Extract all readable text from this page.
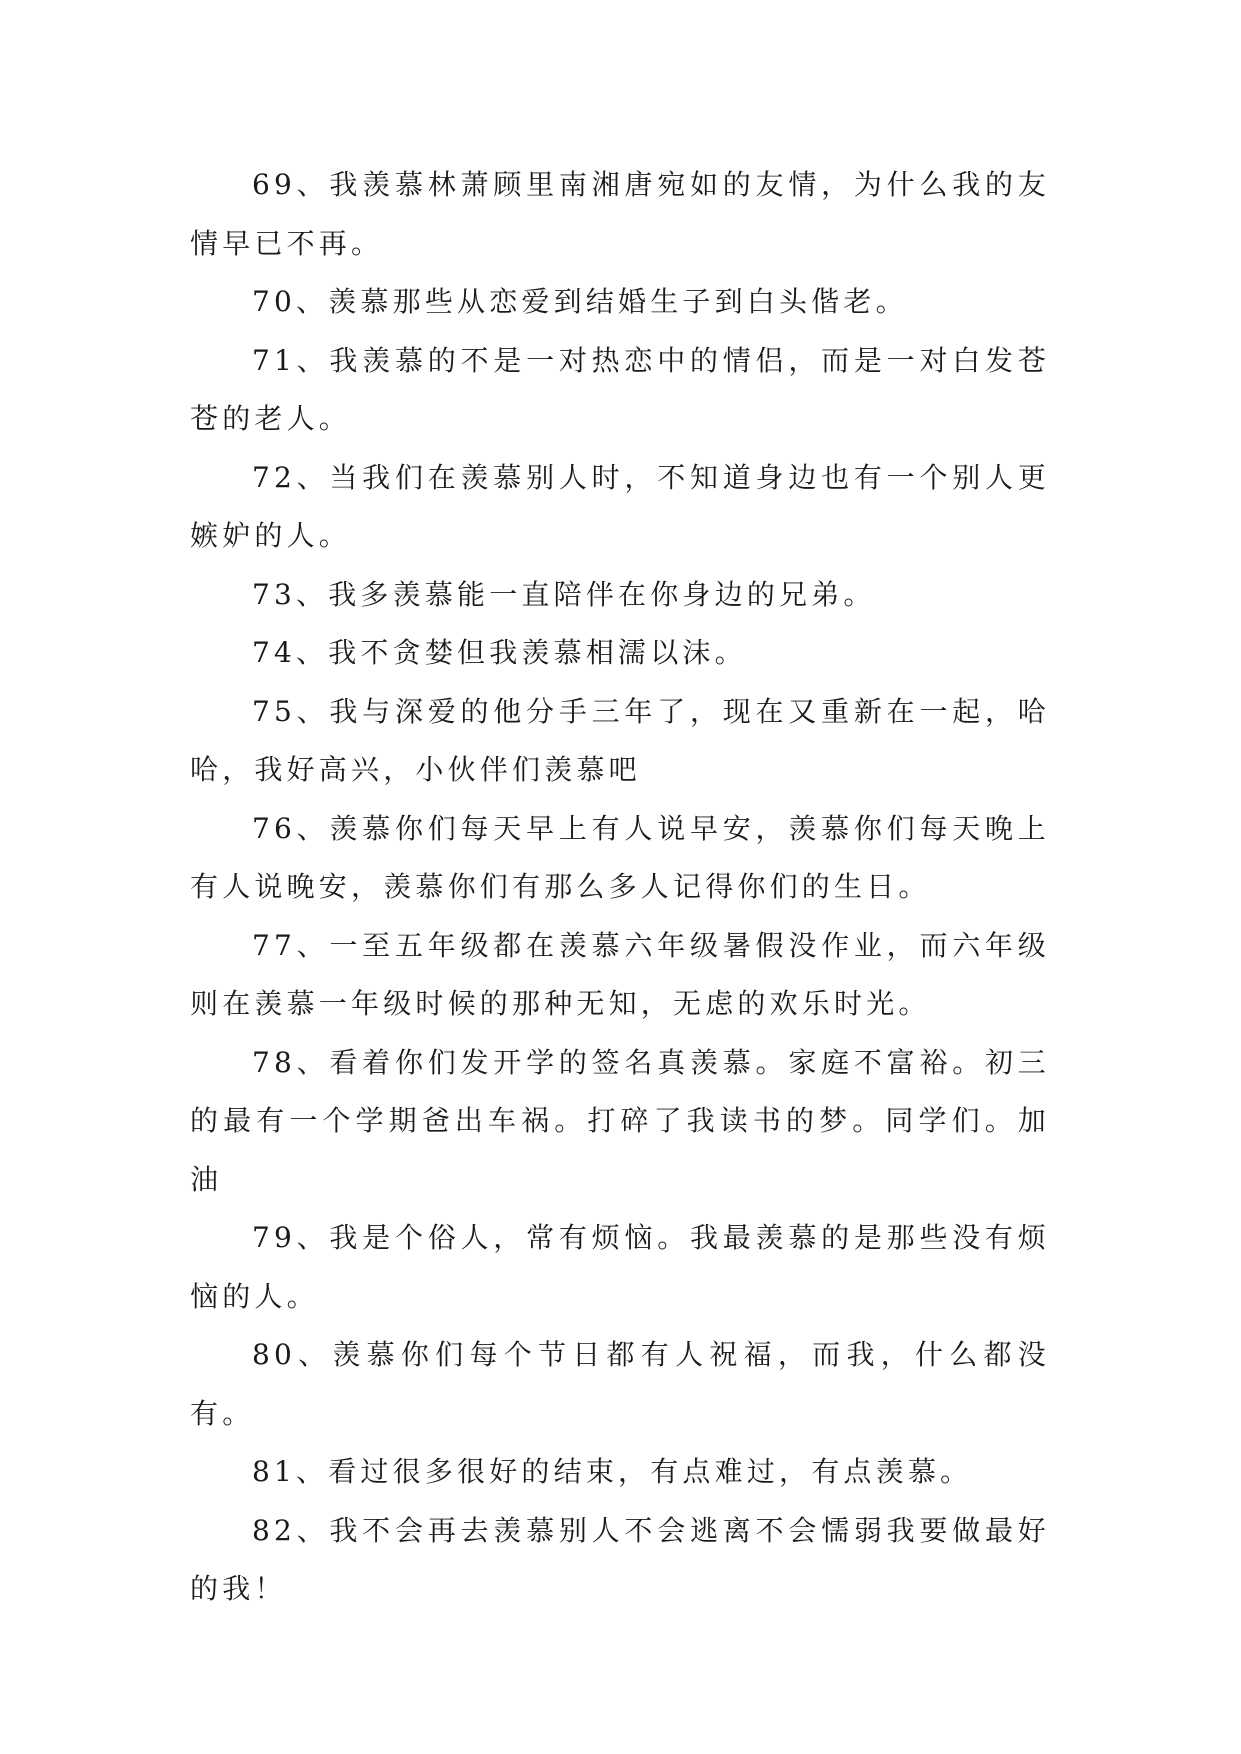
69、我羡慕林萧顾里南湘唐宛如的友情，为什么我的友情早已不再。

70、羡慕那些从恋爱到结婚生子到白头偕老。

71、我羡慕的不是一对热恋中的情侣，而是一对白发苍苍的老人。

72、当我们在羡慕别人时，不知道身边也有一个别人更嫉妒的人。

73、我多羡慕能一直陪伴在你身边的兄弟。

74、我不贪婪但我羡慕相濡以沫。

75、我与深爱的他分手三年了，现在又重新在一起，哈哈，我好高兴，小伙伴们羡慕吧

76、羡慕你们每天早上有人说早安，羡慕你们每天晚上有人说晚安，羡慕你们有那么多人记得你们的生日。

77、一至五年级都在羡慕六年级暑假没作业，而六年级则在羡慕一年级时候的那种无知，无虑的欢乐时光。

78、看着你们发开学的签名真羡慕。家庭不富裕。初三的最有一个学期爸出车祸。打碎了我读书的梦。同学们。加油

79、我是个俗人，常有烦恼。我最羡慕的是那些没有烦恼的人。

80、羡慕你们每个节日都有人祝福，而我，什么都没有。

81、看过很多很好的结束，有点难过，有点羡慕。

82、我不会再去羡慕别人不会逃离不会懦弱我要做最好的我！
